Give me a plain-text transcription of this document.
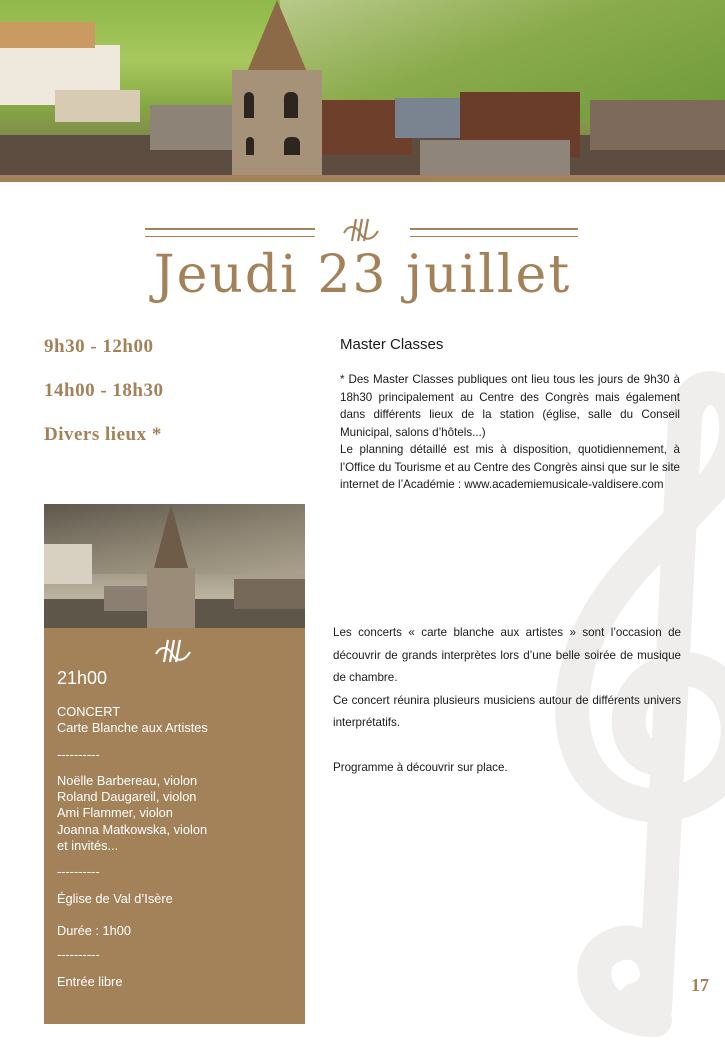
Jeudi 23 juillet
9h30 - 12h00
14h00 - 18h30
Divers lieux *
Master Classes

* Des Master Classes publiques ont lieu tous les jours de 9h30 à 18h30 principalement au Centre des Congrès mais également dans différents lieux de la station (église, salle du Conseil Municipal, salons d’hôtels...)

Le planning détaillé est mis à disposition, quotidiennement, à l’Office du Tourisme et au Centre des Congrès ainsi que sur le site internet de l’Académie : www.academiemusicale-valdisere.com

21h00
CONCERT
Carte Blanche aux Artistes
----------
Noëlle Barbereau, violon
Roland Daugareil, violon
Ami Flammer, violon
Joanna Matkowska, violon
et invités...
----------
Église de Val d’Isère
Durée : 1h00
----------
Entrée libre

Les concerts « carte blanche aux artistes » sont l’occasion de découvrir de grands interprètes lors d’une belle soirée de musique de chambre.

Ce concert réunira plusieurs musiciens autour de différents univers interprétatifs.

Programme à découvrir sur place.

17
